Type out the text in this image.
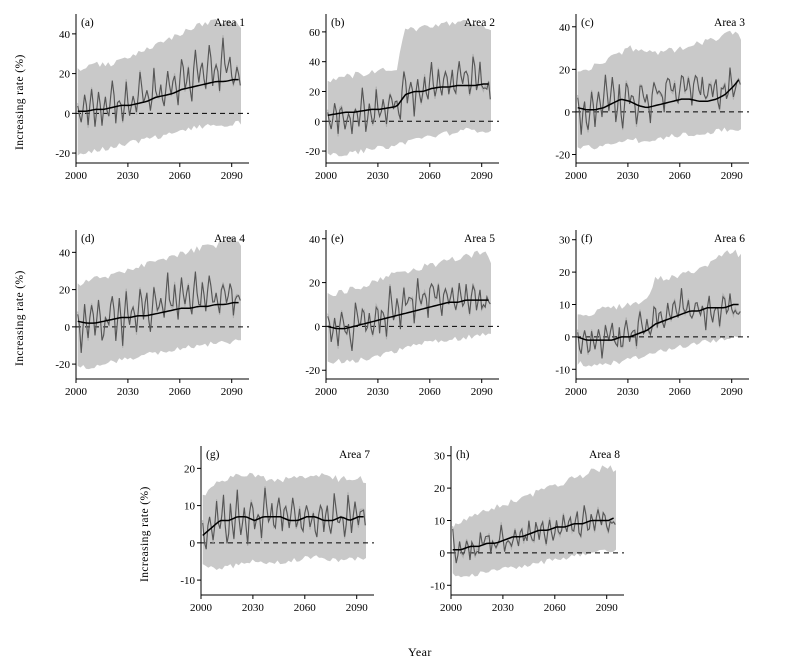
-20
0
20
40
2000	2030	2060	2090
(a)	Area 1
-20
0
20
40
60
2000	2030	2060	2090
(b)	Area 2
-20
0
20
40
2000	2030	2060	2090
(c)	Area 3
-20
0
20
40
2000	2030	2060	2090
(d)	Area 4
-20
0
20
40
2000	2030	2060	2090
(e)	Area 5
-10
0
10
20
30
2000	2030	2060	2090
(f)	Area 6
-10
0
10
20
2000	2030	2060	2090
(g)	Area 7
-10
0
10
20
30
2000	2030	2060	2090
(h)	Area 8
Increasing rate (%)
Increasing rate (%)
Increasing rate (%)
Year
